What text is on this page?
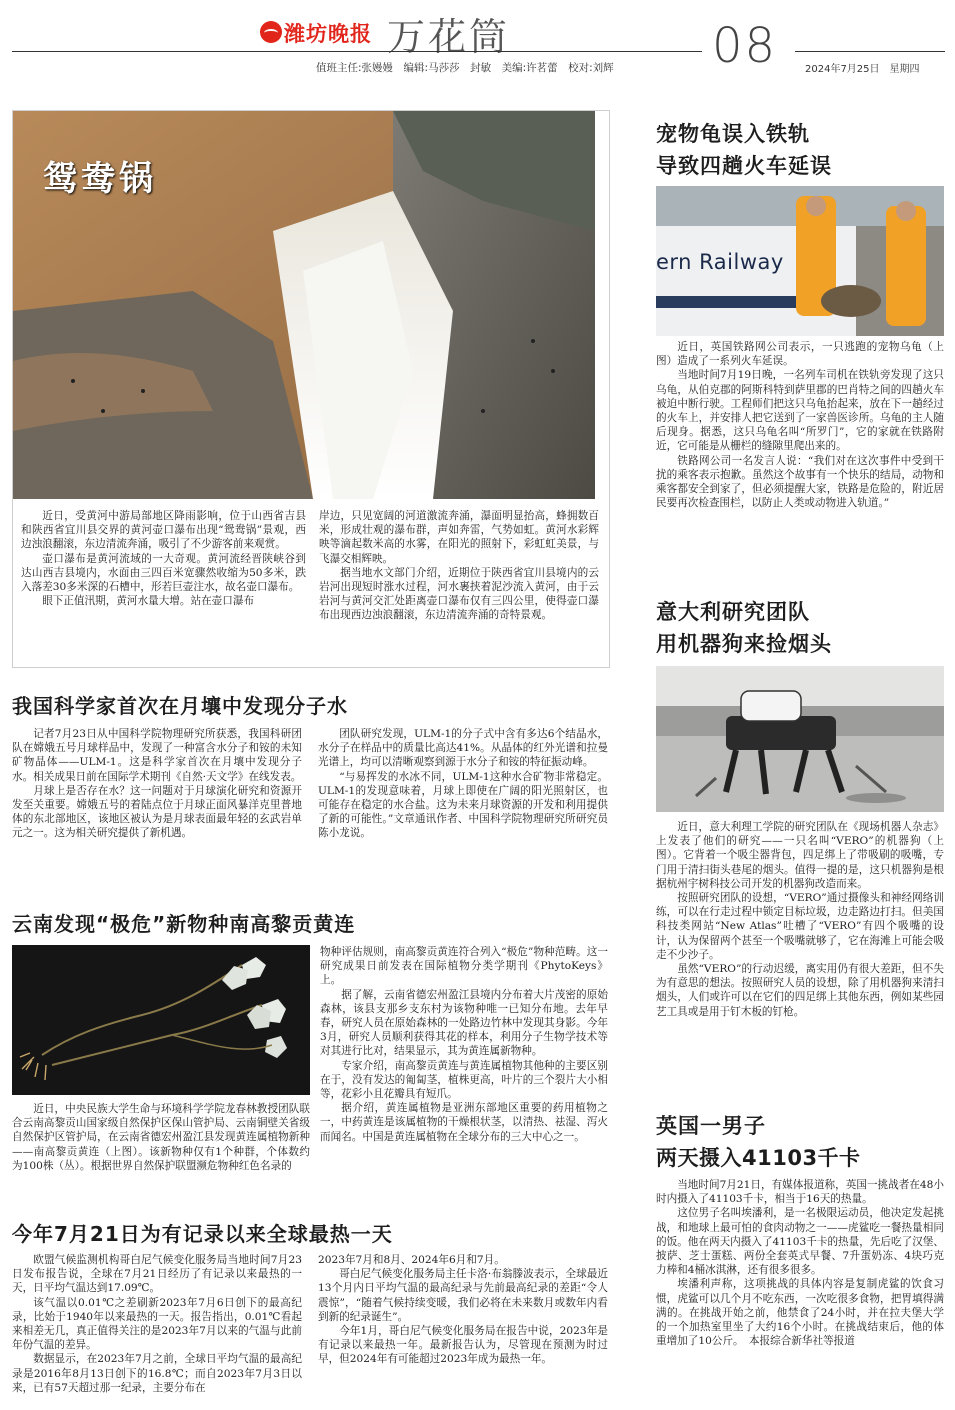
潍坊晚报 万花筒	08
值班主任:张嫚嫚　编辑:马莎莎　封敏　美编:许茗蕾　校对:刘辉	2024年7月25日　星期四
鸳鸯锅

近日，受黄河中游局部地区降雨影响，位于山西省吉县和陕西省宜川县交界的黄河壶口瀑布出现“鸳鸯锅”景观，西边浊浪翻滚，东边清流奔涌，吸引了不少游客前来观赏。

壶口瀑布是黄河流域的一大奇观。黄河流经晋陕峡谷到达山西吉县境内，水面由三四百米宽骤然收缩为50多米，跌入落差30多米深的石槽中，形若巨壶注水，故名壶口瀑布。

眼下正值汛期，黄河水量大增。站在壶口瀑布

岸边，只见宽阔的河道激流奔涌，瀑面明显抬高，蜂拥数百米，形成壮观的瀑布群，声如奔雷，气势如虹。黄河水彩辉映等滴起数米高的水雾，在阳光的照射下，彩虹虹美景，与飞瀑交相辉映。

据当地水文部门介绍，近期位于陕西省宜川县境内的云岩河出现短时涨水过程，河水裹挟着泥沙流入黄河，由于云岩河与黄河交汇处距离壶口瀑布仅有三四公里，使得壶口瀑布出现西边浊浪翻滚，东边清流奔涌的奇特景观。

我国科学家首次在月壤中发现分子水

记者7月23日从中国科学院物理研究所获悉，我国科研团队在嫦娥五号月球样品中，发现了一种富含水分子和铵的未知矿物晶体——ULM-1。这是科学家首次在月壤中发现分子水。相关成果日前在国际学术期刊《自然·天文学》在线发表。

月球上是否存在水？这一问题对于月球演化研究和资源开发至关重要。嫦娥五号的着陆点位于月球正面风暴洋克里普地体的东北部地区，该地区被认为是月球表面最年轻的玄武岩单元之一。这为相关研究提供了新机遇。

团队研究发现，ULM-1的分子式中含有多达6个结晶水，水分子在样品中的质量比高达41%。从晶体的红外光谱和拉曼光谱上，均可以清晰观察到源于水分子和铵的特征振动峰。

“与易挥发的水冰不同，ULM-1这种水合矿物非常稳定。ULM-1的发现意味着，月球上即使在广阔的阳光照射区，也可能存在稳定的水合盐。这为未来月球资源的开发和利用提供了新的可能性。”文章通讯作者、中国科学院物理研究所研究员陈小龙说。

云南发现“极危”新物种南高黎贡黄连

近日，中央民族大学生命与环境科学学院龙春林教授团队联合云南高黎贡山国家级自然保护区保山管护局、云南铜壁关省级自然保护区管护局，在云南省德宏州盈江县发现黄连属植物新种——南高黎贡黄连（上图）。该新物种仅有1个种群，个体数约为100株（丛）。根据世界自然保护联盟濒危物种红色名录的

物种评估规则，南高黎贡黄连符合列入“极危”物种范畴。这一研究成果日前发表在国际植物分类学期刊《PhytoKeys》上。

据了解，云南省德宏州盈江县境内分布着大片茂密的原始森林，该县支那乡支东村为该物种唯一已知分布地。去年早春，研究人员在原始森林的一处路边竹林中发现其身影。今年3月，研究人员顺利获得其花的样本，利用分子生物学技术等对其进行比对，结果显示，其为黄连属新物种。

专家介绍，南高黎贡黄连与黄连属植物其他种的主要区别在于，没有发达的匍匐茎，植株更高，叶片的三个裂片大小相等，花彩小且花瓣具有短爪。

据介绍，黄连属植物是亚洲东部地区重要的药用植物之一，中药黄连是该属植物的干燥根状茎，以清热、祛湿、泻火而闻名。中国是黄连属植物在全球分布的三大中心之一。

今年7月21日为有记录以来全球最热一天

欧盟气候监测机构哥白尼气候变化服务局当地时间7月23日发布报告说，全球在7月21日经历了有记录以来最热的一天，日平均气温达到17.09℃。

该气温以0.01℃之差刷新2023年7月6日创下的最高纪录，比始于1940年以来最热的一天。报告指出，0.01℃看起来相差无几，真正值得关注的是2023年7月以来的气温与此前年份气温的差异。

数据显示，在2023年7月之前，全球日平均气温的最高纪录是2016年8月13日创下的16.8℃；而自2023年7月3日以来，已有57天超过那一纪录，主要分布在

2023年7月和8月、2024年6月和7月。

哥白尼气候变化服务局主任卡洛·布翁滕波表示，全球最近13个月内日平均气温的最高纪录与先前最高纪录的差距“令人震惊”，“随着气候持续变暖，我们必将在未来数月或数年内看到新的纪录诞生”。

今年1月，哥白尼气候变化服务局在报告中说，2023年是有记录以来最热一年。最新报告认为，尽管现在预测为时过早，但2024年有可能超过2023年成为最热一年。

宠物龟误入铁轨
导致四趟火车延误
ern Railway

近日，英国铁路网公司表示，一只逃跑的宠物乌龟（上图）造成了一系列火车延误。

当地时间7月19日晚，一名列车司机在铁轨旁发现了这只乌龟，从伯克郡的阿斯科特到萨里郡的巴肖特之间的四趟火车被迫中断行驶。工程师们把这只乌龟抬起来，放在下一趟经过的火车上，并安排人把它送到了一家兽医诊所。乌龟的主人随后现身。据悉，这只乌龟名叫“所罗门”，它的家就在铁路附近，它可能是从栅栏的缝隙里爬出来的。

铁路网公司一名发言人说：“我们对在这次事件中受到干扰的乘客表示抱歉。虽然这个故事有一个快乐的结局，动物和乘客都安全到家了，但必须提醒大家，铁路是危险的，附近居民要再次检查围栏，以防止人类或动物进入轨道。”

意大利研究团队
用机器狗来捡烟头

近日，意大利理工学院的研究团队在《现场机器人杂志》上发表了他们的研究——一只名叫“VERO”的机器狗（上图）。它背着一个吸尘器背包，四足绑上了带吸刷的吸嘴，专门用于清扫街头巷尾的烟头。值得一提的是，这只机器狗是根据杭州宇树科技公司开发的机器狗改造而来。

按照研究团队的设想，“VERO”通过摄像头和神经网络训练，可以在行走过程中锁定目标垃圾，边走路边打扫。但美国科技类网站“New Atlas”吐槽了“VERO”有四个吸嘴的设计，认为保留两个甚至一个吸嘴就够了，它在海滩上可能会吸走不少沙子。

虽然“VERO”的行动迟缓，离实用仍有很大差距，但不失为有意思的想法。按照研究人员的设想，除了用机器狗来清扫烟头，人们或许可以在它们的四足绑上其他东西，例如某些园艺工具或是用于钉木板的钉枪。

英国一男子
两天摄入41103千卡

当地时间7月21日，有媒体报道称，英国一挑战者在48小时内摄入了41103千卡，相当于16天的热量。

这位男子名叫埃潘利，是一名极限运动员，他决定发起挑战，和地球上最可怕的食肉动物之一——虎鲨吃一餐热量相同的饭。他在两天内摄入了41103千卡的热量，先后吃了汉堡、披萨、芝士蛋糕、两份全套英式早餐、7升蛋奶冻、4块巧克力棒和4桶冰淇淋，还有很多很多。

埃潘利声称，这项挑战的具体内容是复制虎鲨的饮食习惯，虎鲨可以几个月不吃东西，一次吃很多食物，把胃填得满满的。在挑战开始之前，他禁食了24小时，并在拉夫堡大学的一个加热室里坐了大约16个小时。在挑战结束后，他的体重增加了10公斤。　本报综合新华社等报道
